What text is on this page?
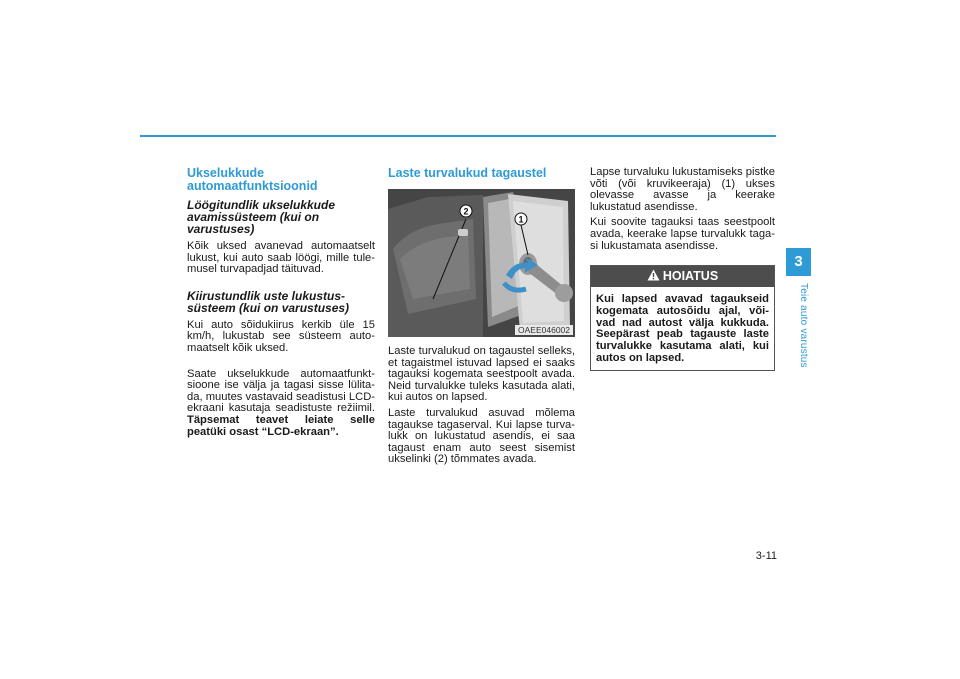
Ukselukkude automaatfunktsioonid
Löögitundlik ukselukkude avamissüsteem (kui on varustuses)

Kõik uksed avanevad automaatselt lukust, kui auto saab löögi, mille tule-musel turvapadjad täituvad.

Kiirustundlik uste lukustus-süsteem (kui on varustuses)

Kui auto sõidukiirus kerkib üle 15 km/h, lukustab see süsteem auto-maatselt kõik uksed.

Saate ukselukkude automaatfunkt-sioone ise välja ja tagasi sisse lülita-da, muutes vastavaid seadistusi LCD-ekraani kasutaja seadistuste režiimil. Täpsemat teavet leiate selle peatüki osast “LCD-ekraan”.

Laste turvalukud tagaustel
2
1
OAEE046002

Laste turvalukud on tagaustel selleks, et tagaistmel istuvad lapsed ei saaks tagauksi kogemata seestpoolt avada. Neid turvalukke tuleks kasutada alati, kui autos on lapsed.

Laste turvalukud asuvad mõlema tagaukse tagaserval. Kui lapse turva-lukk on lukustatud asendis, ei saa tagaust enam auto seest sisemist ukselinki (2) tõmmates avada.

Lapse turvaluku lukustamiseks pistke võti (või kruvikeeraja) (1) ukses olevasse avasse ja keerake lukustatud asendisse.

Kui soovite tagauksi taas seestpoolt avada, keerake lapse turvalukk taga-si lukustamata asendisse.

HOIATUS
Kui lapsed avavad tagaukseid kogemata autosõidu ajal, või-vad nad autost välja kukkuda. Seepärast peab tagauste laste turvalukke kasutama alati, kui autos on lapsed.
3
Teie auto varustus
3-11
